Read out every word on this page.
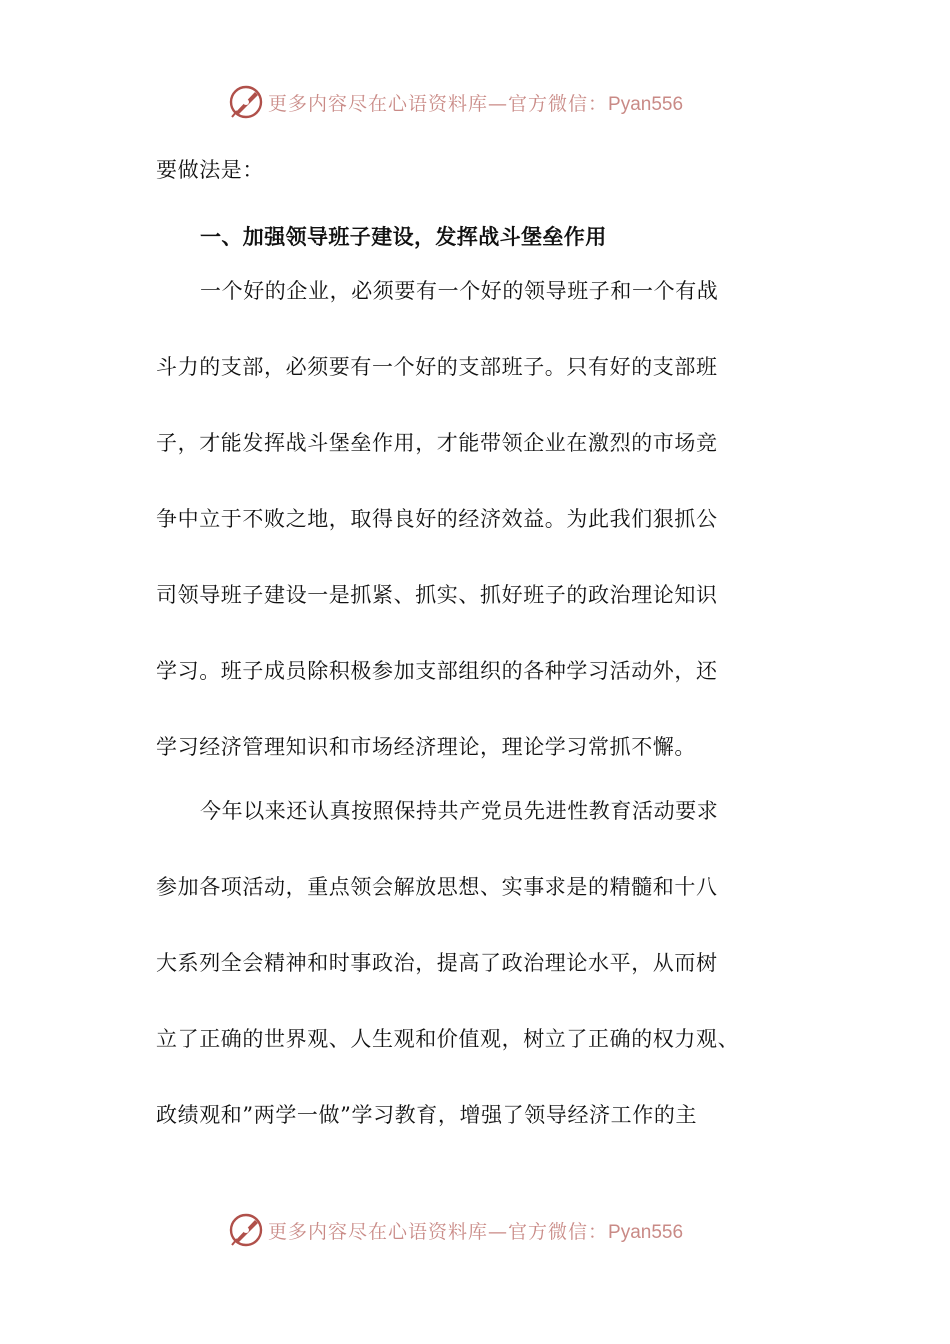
更多内容尽在心语资料库—官方微信：Pyan556
要做法是：
一、加强领导班子建设，发挥战斗堡垒作用
一个好的企业，必须要有一个好的领导班子和一个有战
斗力的支部，必须要有一个好的支部班子。只有好的支部班
子，才能发挥战斗堡垒作用，才能带领企业在激烈的市场竞
争中立于不败之地，取得良好的经济效益。为此我们狠抓公
司领导班子建设一是抓紧、抓实、抓好班子的政治理论知识
学习。班子成员除积极参加支部组织的各种学习活动外，还
学习经济管理知识和市场经济理论，理论学习常抓不懈。
今年以来还认真按照保持共产党员先进性教育活动要求
参加各项活动，重点领会解放思想、实事求是的精髓和十八
大系列全会精神和时事政治，提高了政治理论水平，从而树
立了正确的世界观、人生观和价值观，树立了正确的权力观、
政绩观和”两学一做”学习教育，增强了领导经济工作的主
更多内容尽在心语资料库—官方微信：Pyan556
